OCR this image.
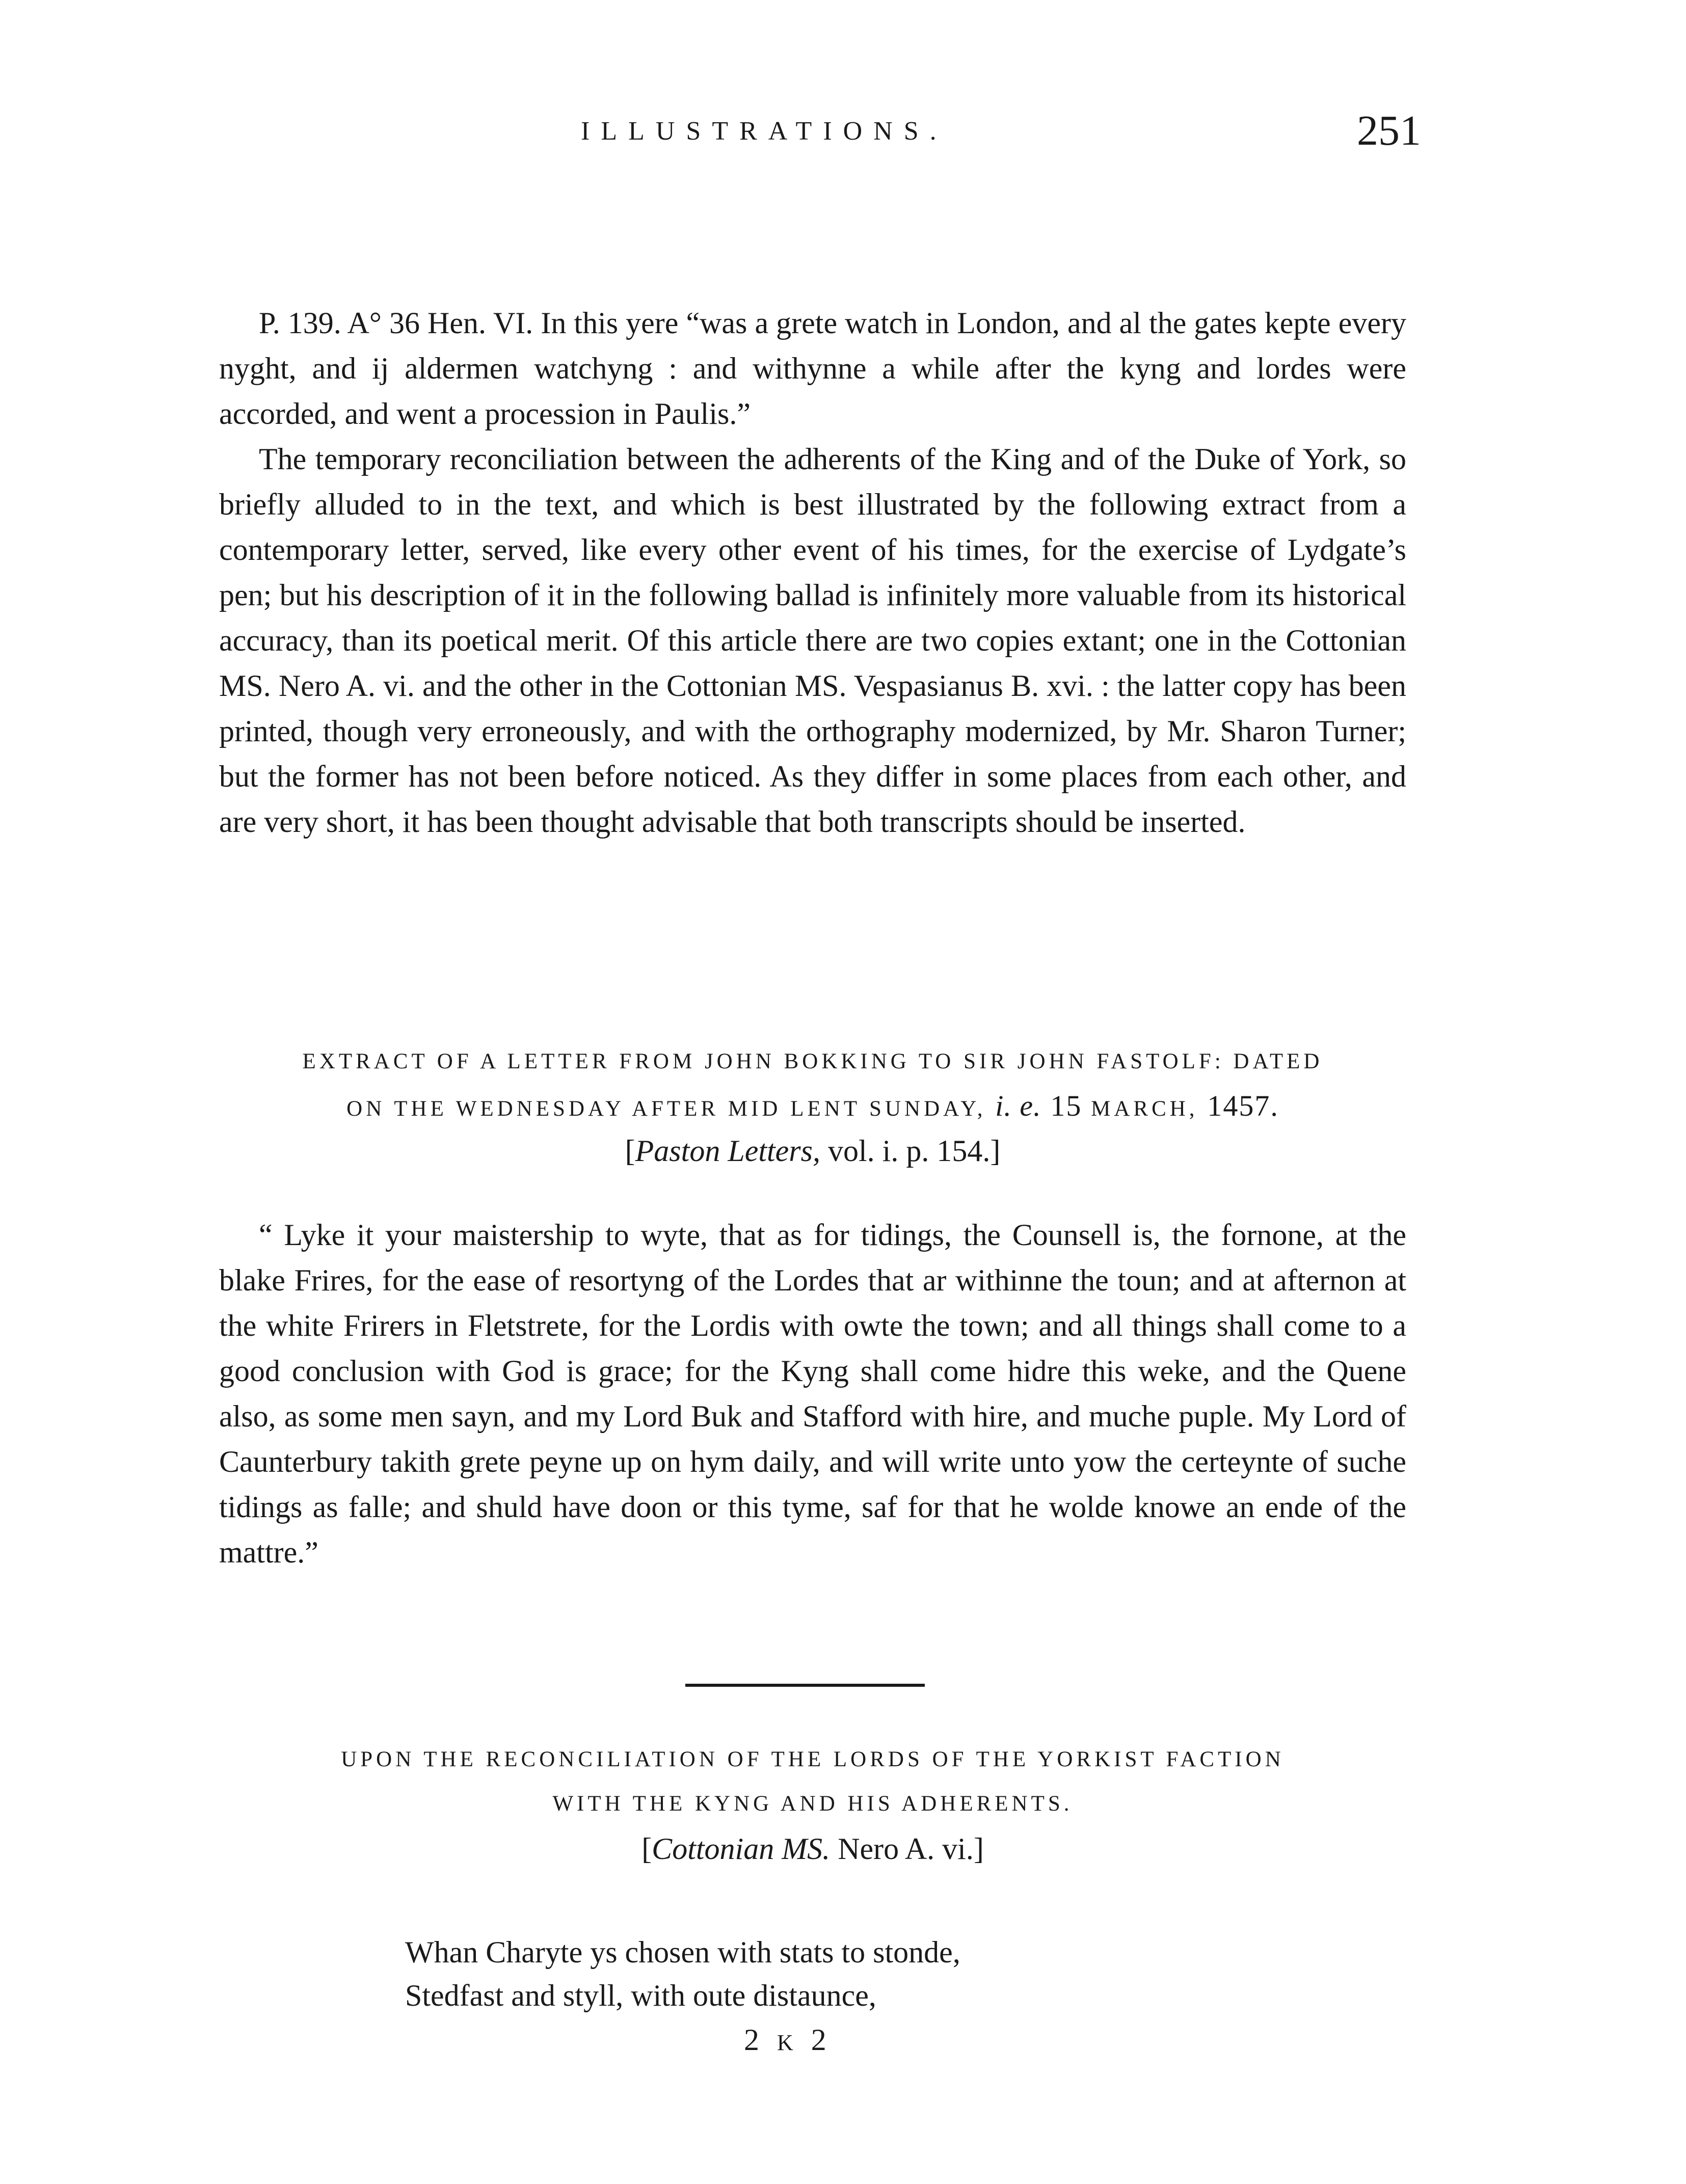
ILLUSTRATIONS.	251

P. 139. A° 36 Hen. VI. In this yere “was a grete watch in London, and al the gates kepte every nyght, and ij aldermen watchyng : and withynne a while after the kyng and lordes were accorded, and went a procession in Paulis.”

The temporary reconciliation between the adherents of the King and of the Duke of York, so briefly alluded to in the text, and which is best illustrated by the following extract from a contemporary letter, served, like every other event of his times, for the exercise of Lydgate’s pen; but his description of it in the following ballad is infinitely more valuable from its historical accuracy, than its poetical merit. Of this article there are two copies extant; one in the Cottonian MS. Nero A. vi. and the other in the Cottonian MS. Vespasianus B. xvi. : the latter copy has been printed, though very erroneously, and with the orthography modernized, by Mr. Sharon Turner; but the former has not been before noticed. As they differ in some places from each other, and are very short, it has been thought advisable that both transcripts should be inserted.

EXTRACT OF A LETTER FROM JOHN BOKKING TO SIR JOHN FASTOLF: DATED
ON THE WEDNESDAY AFTER MID LENT SUNDAY, i. e. 15 MARCH, 1457.
[Paston Letters, vol. i. p. 154.]

“ Lyke it your maistership to wyte, that as for tidings, the Counsell is, the fornone, at the blake Frires, for the ease of resortyng of the Lordes that ar withinne the toun; and at afternon at the white Frirers in Fletstrete, for the Lordis with owte the town; and all things shall come to a good conclusion with God is grace; for the Kyng shall come hidre this weke, and the Quene also, as some men sayn, and my Lord Buk and Stafford with hire, and muche puple. My Lord of Caunterbury takith grete peyne up on hym daily, and will write unto yow the certeynte of suche tidings as falle; and shuld have doon or this tyme, saf for that he wolde knowe an ende of the mattre.”

UPON THE RECONCILIATION OF THE LORDS OF THE YORKIST FACTION
WITH THE KYNG AND HIS ADHERENTS.
[Cottonian MS. Nero A. vi.]
Whan Charyte ys chosen with stats to stonde,
Stedfast and styll, with oute distaunce,
2 K 2
